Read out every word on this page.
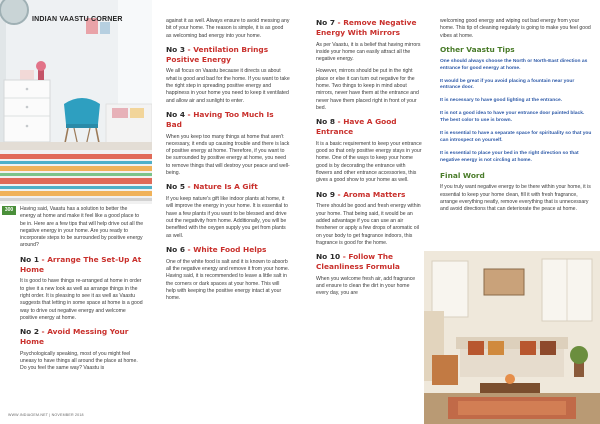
INDIAN VAASTU CORNER
300	Having said, Vaastu has a solution to better the energy at home and make it feel like a good place to be in. Here are a few tips that will help drive out all the negative energy in your home. Are you ready to incorporate steps to be surrounded by positive energy around?

No 1 - Arrange The Set-Up At Home

It is good to have things re-arranged at home in order to give it a new look as well as arrange things in the right order. It is pleasing to see it as well as Vaastu suggests that letting in some space at home is a good way to drive out negative energy and welcome positive energy at home.

No 2 - Avoid Messing Your Home

Psychologically speaking, most of you might feel uneasy to have things all around the place at home. Do you feel the same way? Vaastu is

against it as well. Always ensure to avoid messing any bit of your home. The reason is simple, it is as good as welcoming bad energy into your home.

No 3 - Ventilation Brings Positive Energy

We all focus on Vaastu because it directs us about what is good and bad for the home. If you want to take the right step in spreading positive energy and happiness in your home you need to keep it ventilated and allow air and sunlight to enter.

No 4 - Having Too Much Is Bad

When you keep too many things at home that aren't necessary, it ends up causing trouble and there is lack of positive energy at home. Therefore, if you want to be surrounded by positive energy at home, you need to remove things that will destroy your peace and well-being.

No 5 - Nature Is A Gift

If you keep nature's gift like indoor plants at home, it will improve the energy in your home. It is essential to have a few plants if you want to be blessed and drive out the negativity from home. Additionally, you will be benefited with the oxygen supply you get from plants as well.

No 6 - White Food Helps

One of the white food is salt and it is known to absorb all the negative energy and remove it from your home. Having said, it is recommended to leave a little salt in the corners or dark spaces at your home. This will help with keeping the positive energy intact at your home.

No 7 - Remove Negative Energy With Mirrors

As per Vaastu, it is a belief that having mirrors inside your home can easily attract all the negative energy.

However, mirrors should be put in the right place or else it can turn out negative for the home. Two things to keep in mind about mirrors, never have them at the entrance and never have them placed right in front of your bed.

No 8 - Have A Good Entrance

It is a basic requirement to keep your entrance good so that only positive energy stays in your home. One of the ways to keep your home good is by decorating the entrance with flowers and other entrance accessories, this gives a good show to your home as well.

No 9 - Aroma Matters

There should be good and fresh energy within your home. That being said, it would be an added advantage if you can use an air freshener or apply a few drops of aromatic oil on your body to get fragrance indoors, this fragrance is good for the home.

No 10 - Follow The Cleanliness Formula

When you welcome fresh air, add fragrance and ensure to clean the dirt in your home every day, you are

welcoming good energy and wiping out bad energy from your home. This tip of cleaning regularly is going to make you feel good vibes at home.

Other Vaastu Tips

One should always choose the North or North-East direction as entrance for good energy at home.

It would be great if you avoid placing a fountain near your entrance door.

It is necessary to have good lighting at the entrance.

It is not a good idea to have your entrance door painted black. The best color to use is brown.

It is essential to have a separate space for spirituality so that you can introspect on yourself.

It is essential to place your bed in the right direction so that negative energy is not circling at home.

Final Word

If you truly want negative energy to be there within your home, it is essential to keep your home clean, fill it with fresh fragrance, arrange everything neatly, remove everything that is unnecessary and avoid directions that can deteriorate the peace at home.

WWW.INDIAGEM.NET | NOVEMBER 2018
